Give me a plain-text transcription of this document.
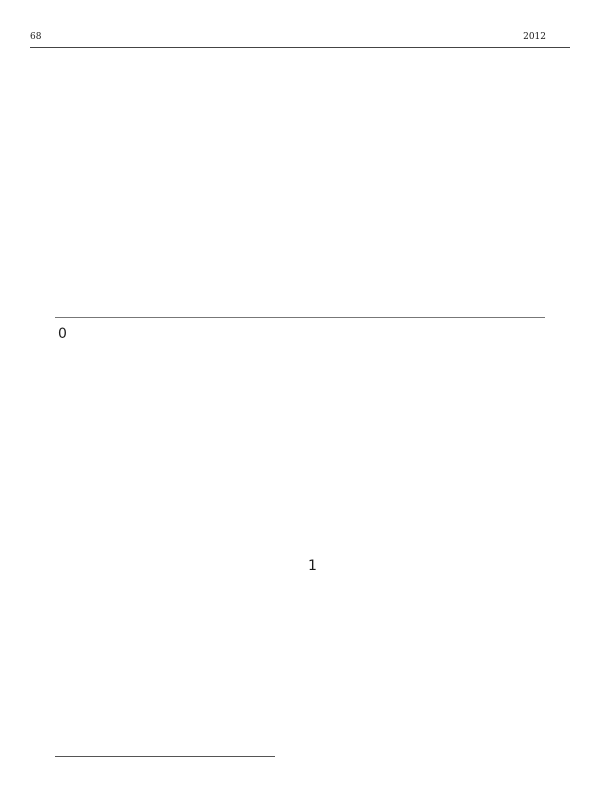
68	2012

0

1
